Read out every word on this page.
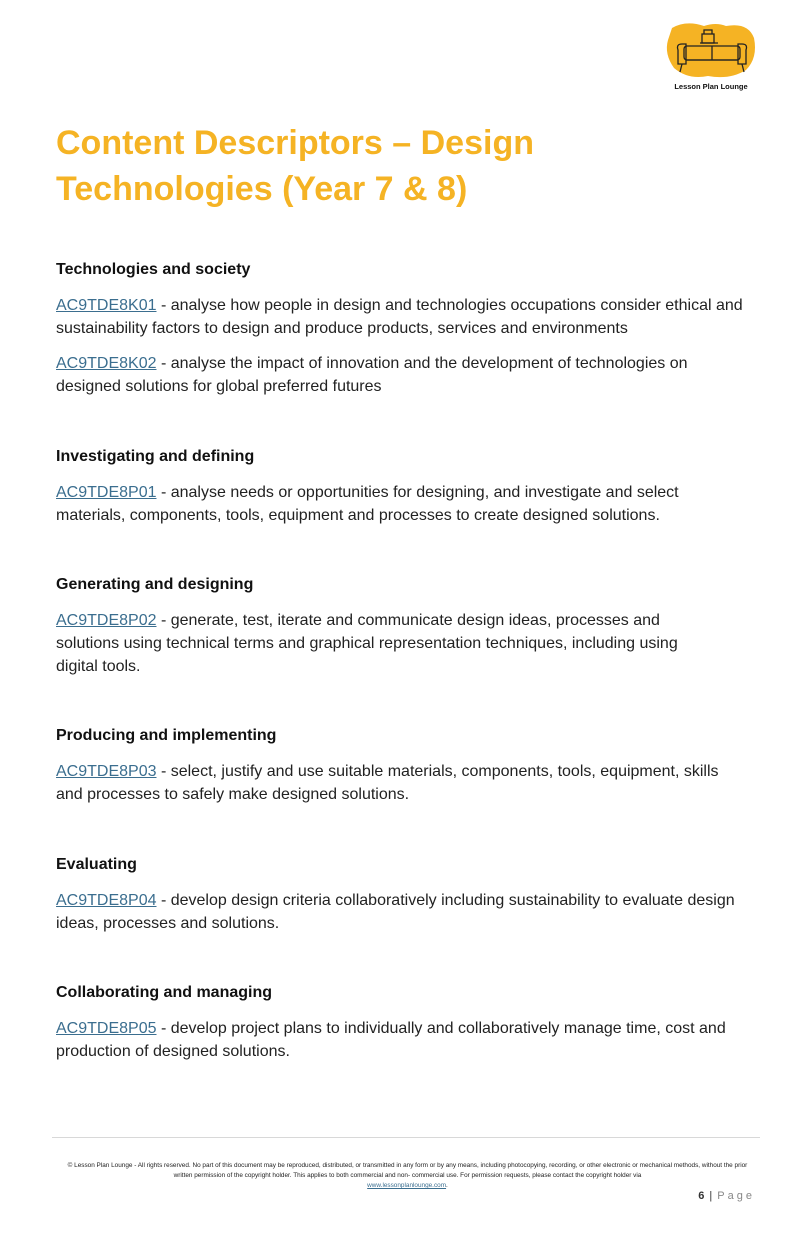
Lesson Plan Lounge
Content Descriptors – Design Technologies (Year 7 & 8)
Technologies and society

AC9TDE8K01 - analyse how people in design and technologies occupations consider ethical and sustainability factors to design and produce products, services and environments

AC9TDE8K02 - analyse the impact of innovation and the development of technologies on designed solutions for global preferred futures

Investigating and defining

AC9TDE8P01 - analyse needs or opportunities for designing, and investigate and select materials, components, tools, equipment and processes to create designed solutions.

Generating and designing

AC9TDE8P02 - generate, test, iterate and communicate design ideas, processes and solutions using technical terms and graphical representation techniques, including using digital tools.

Producing and implementing

AC9TDE8P03 - select, justify and use suitable materials, components, tools, equipment, skills and processes to safely make designed solutions.

Evaluating

AC9TDE8P04 - develop design criteria collaboratively including sustainability to evaluate design ideas, processes and solutions.

Collaborating and managing

AC9TDE8P05 - develop project plans to individually and collaboratively manage time, cost and production of designed solutions.

© Lesson Plan Lounge - All rights reserved. No part of this document may be reproduced, distributed, or transmitted in any form or by any means, including photocopying, recording, or other electronic or mechanical methods, without the prior written permission of the copyright holder. This applies to both commercial and non- commercial use. For permission requests, please contact the copyright holder via
www.lessonplanlounge.com.
6 | Page
